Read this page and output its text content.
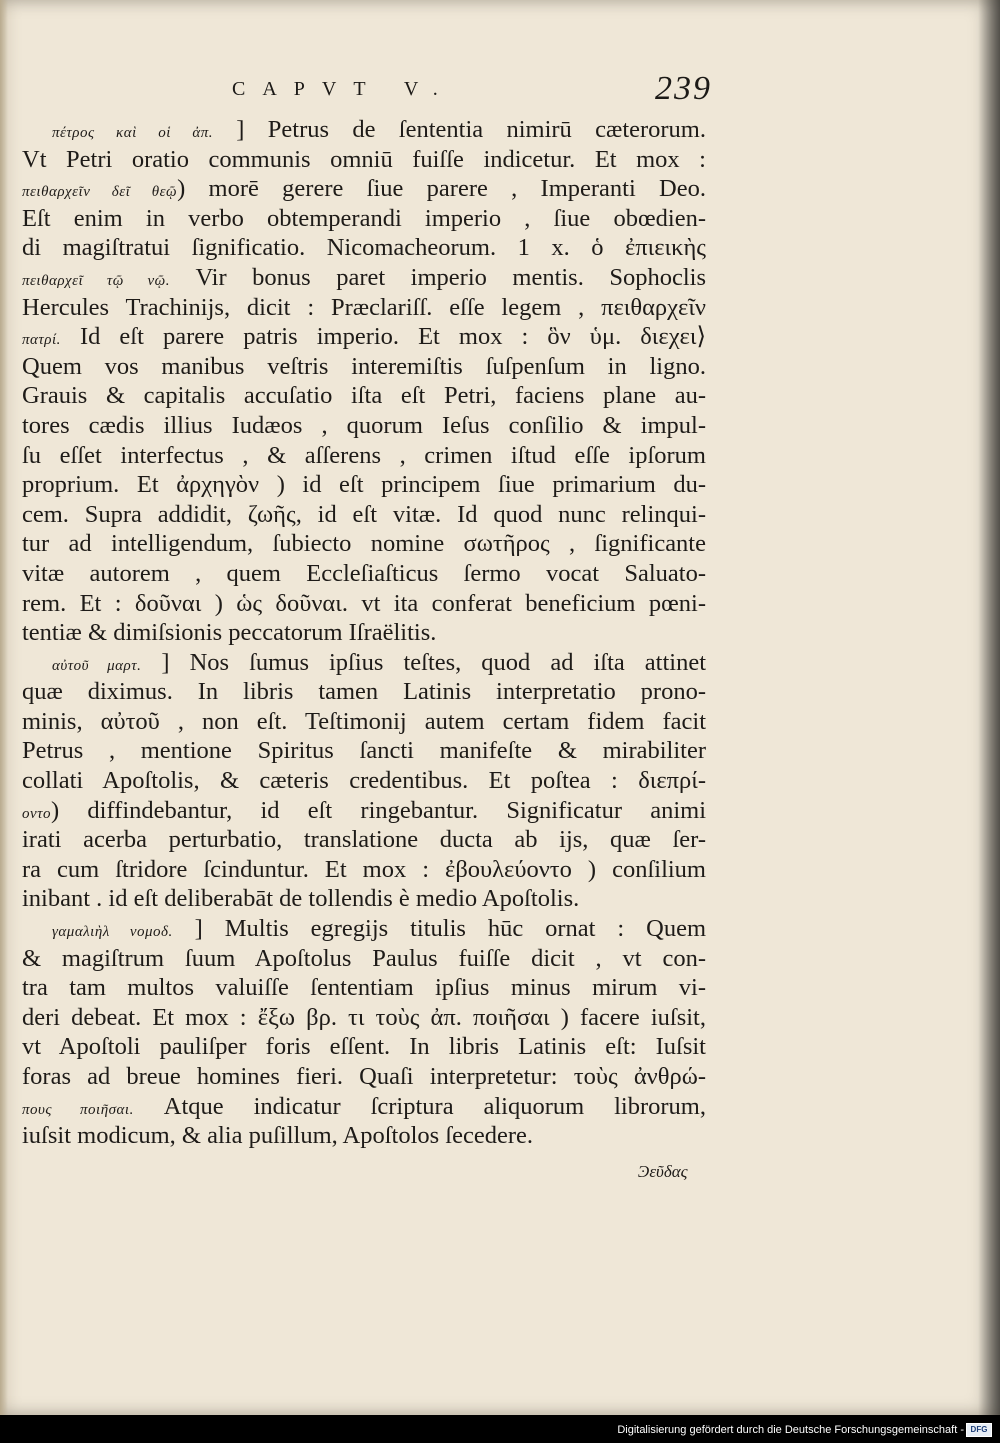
CAPVT V.	239
πέτρος καὶ οἱ ἀπ. ] Petrus de ſententia nimirū cæterorum.
Vt Petri oratio communis omniū fuiſſe indicetur. Et mox :
πειθαρχεῖν δεῖ θεῷ) morē gerere ſiue parere , Imperanti Deo.
Eſt enim in verbo obtemperandi imperio , ſiue obœdien-
di magiſtratui ſignificatio. Nicomacheorum. 1 x. ὁ ἐπιεικὴς
πειθαρχεῖ τῷ νῷ. Vir bonus paret imperio mentis. Sophoclis
Hercules Trachinijs, dicit : Præclariſſ. eſſe legem , πειθαρχεῖν
πατρί. Id eſt parere patris imperio. Et mox : ὃν ὑμ. διεχει⟩
Quem vos manibus veſtris interemiſtis ſuſpenſum in ligno.
Grauis & capitalis accuſatio iſta eſt Petri, faciens plane au-
tores cædis illius Iudæos , quorum Ieſus conſilio & impul-
ſu eſſet interfectus , & aſſerens , crimen iſtud eſſe ipſorum
proprium. Et ἀρχηγὸν ) id eſt principem ſiue primarium du-
cem. Supra addidit, ζωῆς, id eſt vitæ. Id quod nunc relinqui-
tur ad intelligendum, ſubiecto nomine σωτῆρος , ſignificante
vitæ autorem , quem Eccleſiaſticus ſermo vocat Saluato-
rem. Et : δοῦναι ) ὡς δοῦναι. vt ita conferat beneficium pœni-
tentiæ & dimiſsionis peccatorum Iſraëlitis.
αὐτοῦ μαρτ. ] Nos ſumus ipſius teſtes, quod ad iſta attinet
quæ diximus. In libris tamen Latinis interpretatio prono-
minis, αὐτοῦ , non eſt. Teſtimonij autem certam fidem facit
Petrus , mentione Spiritus ſancti manifeſte & mirabiliter
collati Apoſtolis, & cæteris credentibus. Et poſtea : διεπρί-
οντο) diffindebantur, id eſt ringebantur. Significatur animi
irati acerba perturbatio, translatione ducta ab ijs, quæ ſer-
ra cum ſtridore ſcinduntur. Et mox : ἐβουλεύοντο ) conſilium
inibant . id eſt deliberabāt de tollendis è medio Apoſtolis.
γαμαλιὴλ νομοδ. ] Multis egregijs titulis hūc ornat : Quem
& magiſtrum ſuum Apoſtolus Paulus fuiſſe dicit , vt con-
tra tam multos valuiſſe ſententiam ipſius minus mirum vi-
deri debeat. Et mox : ἔξω βρ. τι τοὺς ἀπ. ποιῆσαι ) facere iuſsit,
vt Apoſtoli pauliſper foris eſſent. In libris Latinis eſt: Iuſsit
foras ad breue homines fieri. Quaſi interpretetur: τοὺς ἀνθρώ-
πους ποιῆσαι. Atque indicatur ſcriptura aliquorum librorum,
iuſsit modicum, & alia puſillum, Apoſtolos ſecedere.
Ͽεῦδας
Digitalisierung gefördert durch die Deutsche Forschungsgemeinschaft - DFG
